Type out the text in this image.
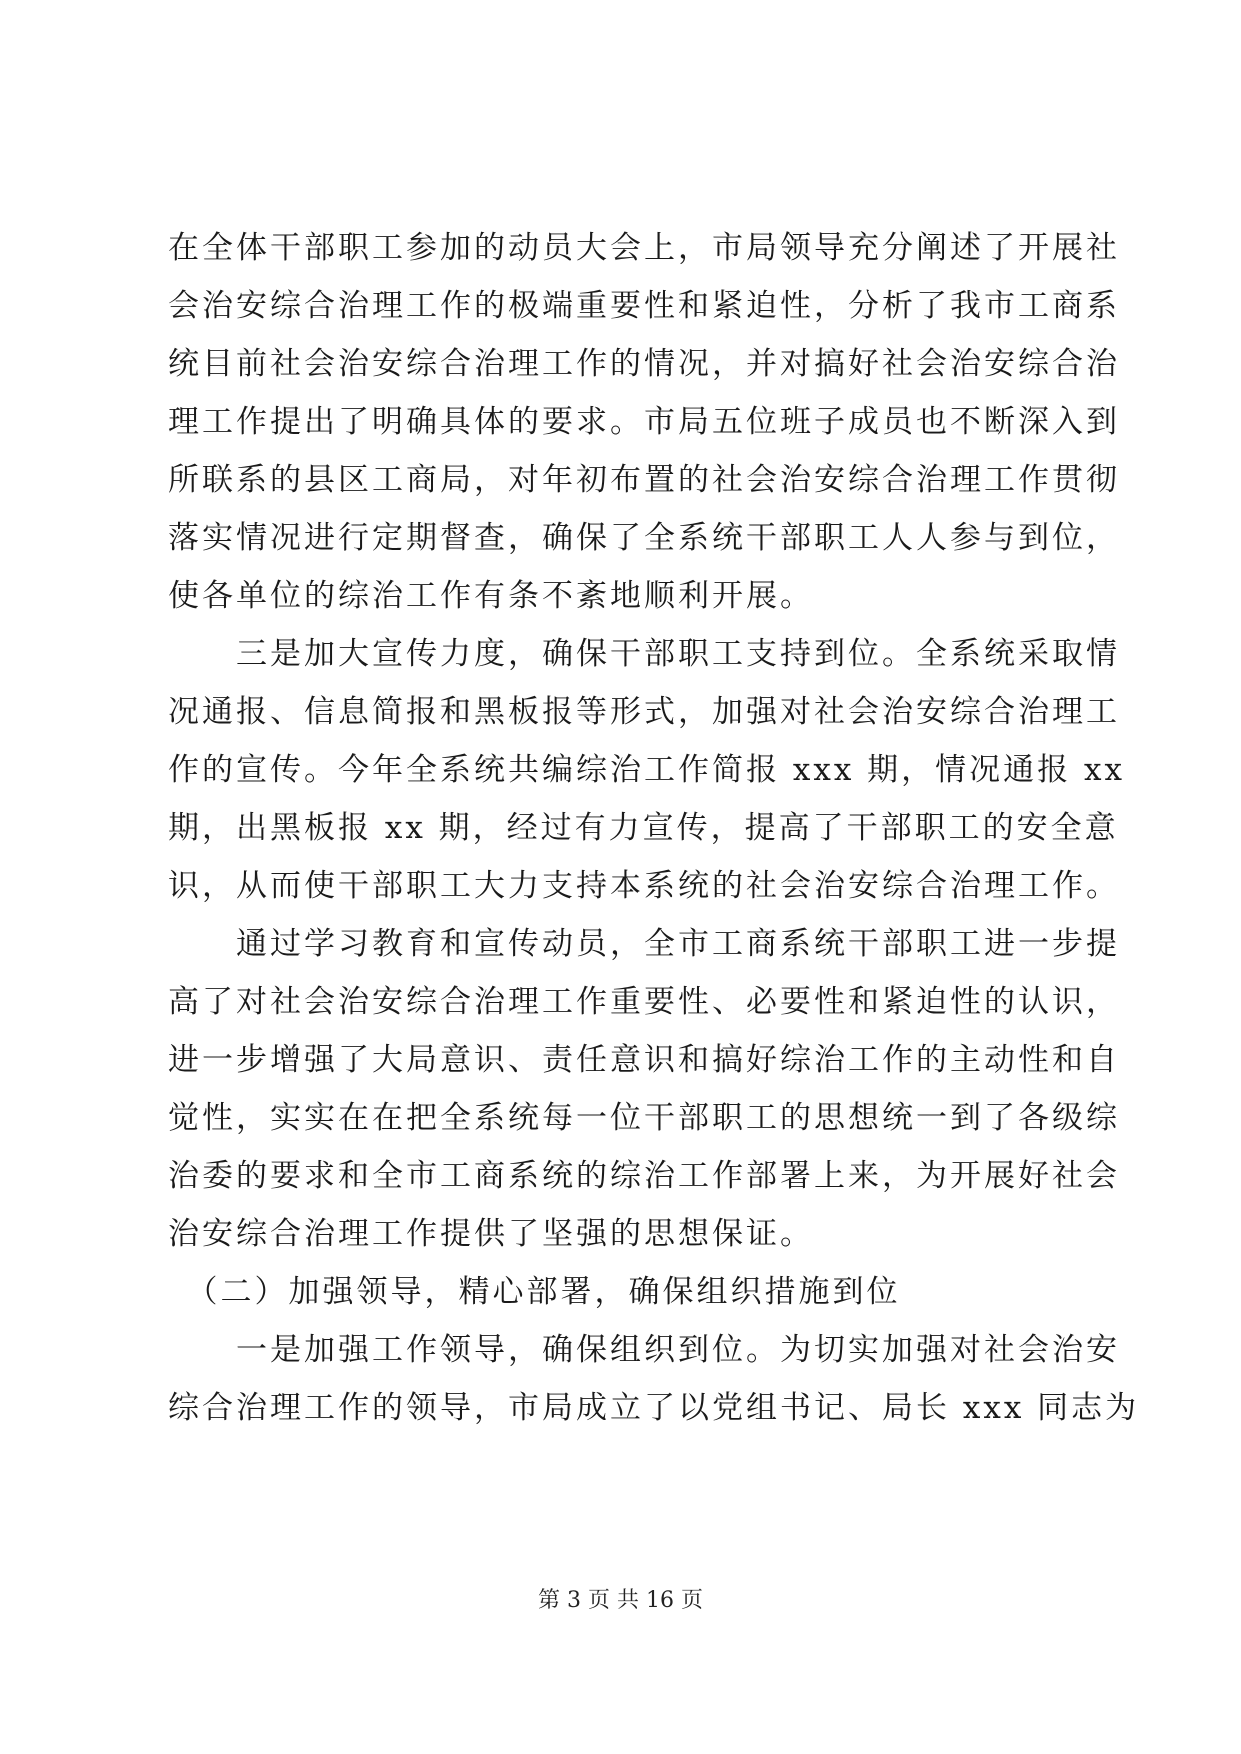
在全体干部职工参加的动员大会上，市局领导充分阐述了开展社
会治安综合治理工作的极端重要性和紧迫性，分析了我市工商系
统目前社会治安综合治理工作的情况，并对搞好社会治安综合治
理工作提出了明确具体的要求。市局五位班子成员也不断深入到
所联系的县区工商局，对年初布置的社会治安综合治理工作贯彻
落实情况进行定期督查，确保了全系统干部职工人人参与到位，
使各单位的综治工作有条不紊地顺利开展。
　　三是加大宣传力度，确保干部职工支持到位。全系统采取情
况通报、信息简报和黑板报等形式，加强对社会治安综合治理工
作的宣传。今年全系统共编综治工作简报 xxx 期，情况通报 xx
期，出黑板报 xx 期，经过有力宣传，提高了干部职工的安全意
识，从而使干部职工大力支持本系统的社会治安综合治理工作。
　　通过学习教育和宣传动员，全市工商系统干部职工进一步提
高了对社会治安综合治理工作重要性、必要性和紧迫性的认识，
进一步增强了大局意识、责任意识和搞好综治工作的主动性和自
觉性，实实在在把全系统每一位干部职工的思想统一到了各级综
治委的要求和全市工商系统的综治工作部署上来，为开展好社会
治安综合治理工作提供了坚强的思想保证。
　（二）加强领导，精心部署，确保组织措施到位
　　一是加强工作领导，确保组织到位。为切实加强对社会治安
综合治理工作的领导，市局成立了以党组书记、局长 xxx 同志为
第 3 页 共 16 页
